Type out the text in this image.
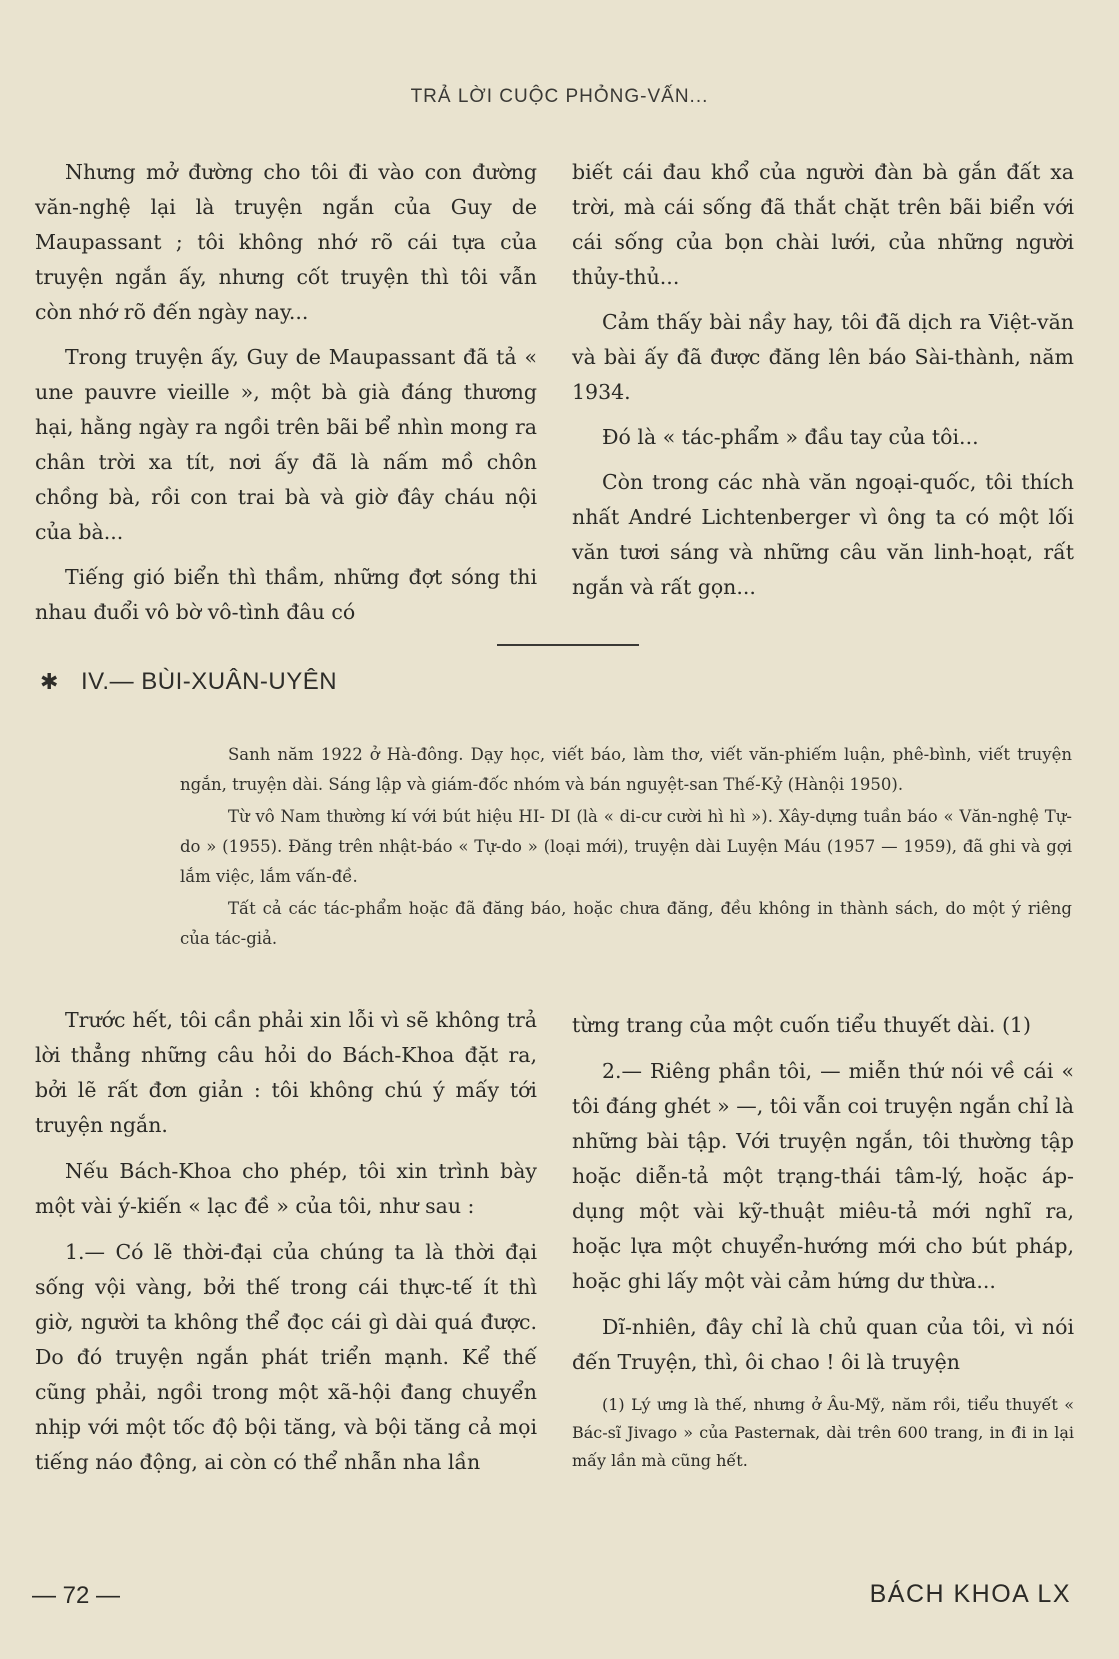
TRẢ LỜI CUỘC PHỎNG-VẤN...

Nhưng mở đường cho tôi đi vào con đường văn-nghệ lại là truyện ngắn của Guy de Maupassant ; tôi không nhớ rõ cái tựa của truyện ngắn ấy, nhưng cốt truyện thì tôi vẫn còn nhớ rõ đến ngày nay...

Trong truyện ấy, Guy de Maupassant đã tả « une pauvre vieille », một bà già đáng thương hại, hằng ngày ra ngồi trên bãi bể nhìn mong ra chân trời xa tít, nơi ấy đã là nấm mồ chôn chồng bà, rồi con trai bà và giờ đây cháu nội của bà...

Tiếng gió biển thì thầm, những đợt sóng thi nhau đuổi vô bờ vô-tình đâu có

biết cái đau khổ của người đàn bà gắn đất xa trời, mà cái sống đã thắt chặt trên bãi biển với cái sống của bọn chài lưới, của những người thủy-thủ...

Cảm thấy bài nầy hay, tôi đã dịch ra Việt-văn và bài ấy đã được đăng lên báo Sài-thành, năm 1934.

Đó là « tác-phẩm » đầu tay của tôi...

Còn trong các nhà văn ngoại-quốc, tôi thích nhất André Lichtenberger vì ông ta có một lối văn tươi sáng và những câu văn linh-hoạt, rất ngắn và rất gọn...

✱ IV.— BÙI-XUÂN-UYÊN

Sanh năm 1922 ở Hà-đông. Dạy học, viết báo, làm thơ, viết văn-phiếm luận, phê-bình, viết truyện ngắn, truyện dài. Sáng lập và giám-đốc nhóm và bán nguyệt-san Thế-Kỷ (Hànội 1950).

Từ vô Nam thường kí với bút hiệu HI- DI (là « di-cư cười hì hì »). Xây-dựng tuần báo « Văn-nghệ Tự-do » (1955). Đăng trên nhật-báo « Tự-do » (loại mới), truyện dài Luyện Máu (1957 — 1959), đã ghi và gợi lắm việc, lắm vấn-đề.

Tất cả các tác-phẩm hoặc đã đăng báo, hoặc chưa đăng, đều không in thành sách, do một ý riêng của tác-giả.

Trước hết, tôi cần phải xin lỗi vì sẽ không trả lời thẳng những câu hỏi do Bách-Khoa đặt ra, bởi lẽ rất đơn giản : tôi không chú ý mấy tới truyện ngắn.

Nếu Bách-Khoa cho phép, tôi xin trình bày một vài ý-kiến « lạc đề » của tôi, như sau :

1.— Có lẽ thời-đại của chúng ta là thời đại sống vội vàng, bởi thế trong cái thực-tế ít thì giờ, người ta không thể đọc cái gì dài quá được. Do đó truyện ngắn phát triển mạnh. Kể thế cũng phải, ngồi trong một xã-hội đang chuyển nhịp với một tốc độ bội tăng, và bội tăng cả mọi tiếng náo động, ai còn có thể nhẫn nha lần

từng trang của một cuốn tiểu thuyết dài. (1)

2.— Riêng phần tôi, — miễn thứ nói về cái « tôi đáng ghét » —, tôi vẫn coi truyện ngắn chỉ là những bài tập. Với truyện ngắn, tôi thường tập hoặc diễn-tả một trạng-thái tâm-lý, hoặc áp-dụng một vài kỹ-thuật miêu-tả mới nghĩ ra, hoặc lựa một chuyển-hướng mới cho bút pháp, hoặc ghi lấy một vài cảm hứng dư thừa...

Dĩ-nhiên, đây chỉ là chủ quan của tôi, vì nói đến Truyện, thì, ôi chao ! ôi là truyện

(1) Lý ưng là thế, nhưng ở Âu-Mỹ, năm rồi, tiểu thuyết « Bác-sĩ Jivago » của Pasternak, dài trên 600 trang, in đi in lại mấy lần mà cũng hết.
— 72 —	BÁCH KHOA LX
